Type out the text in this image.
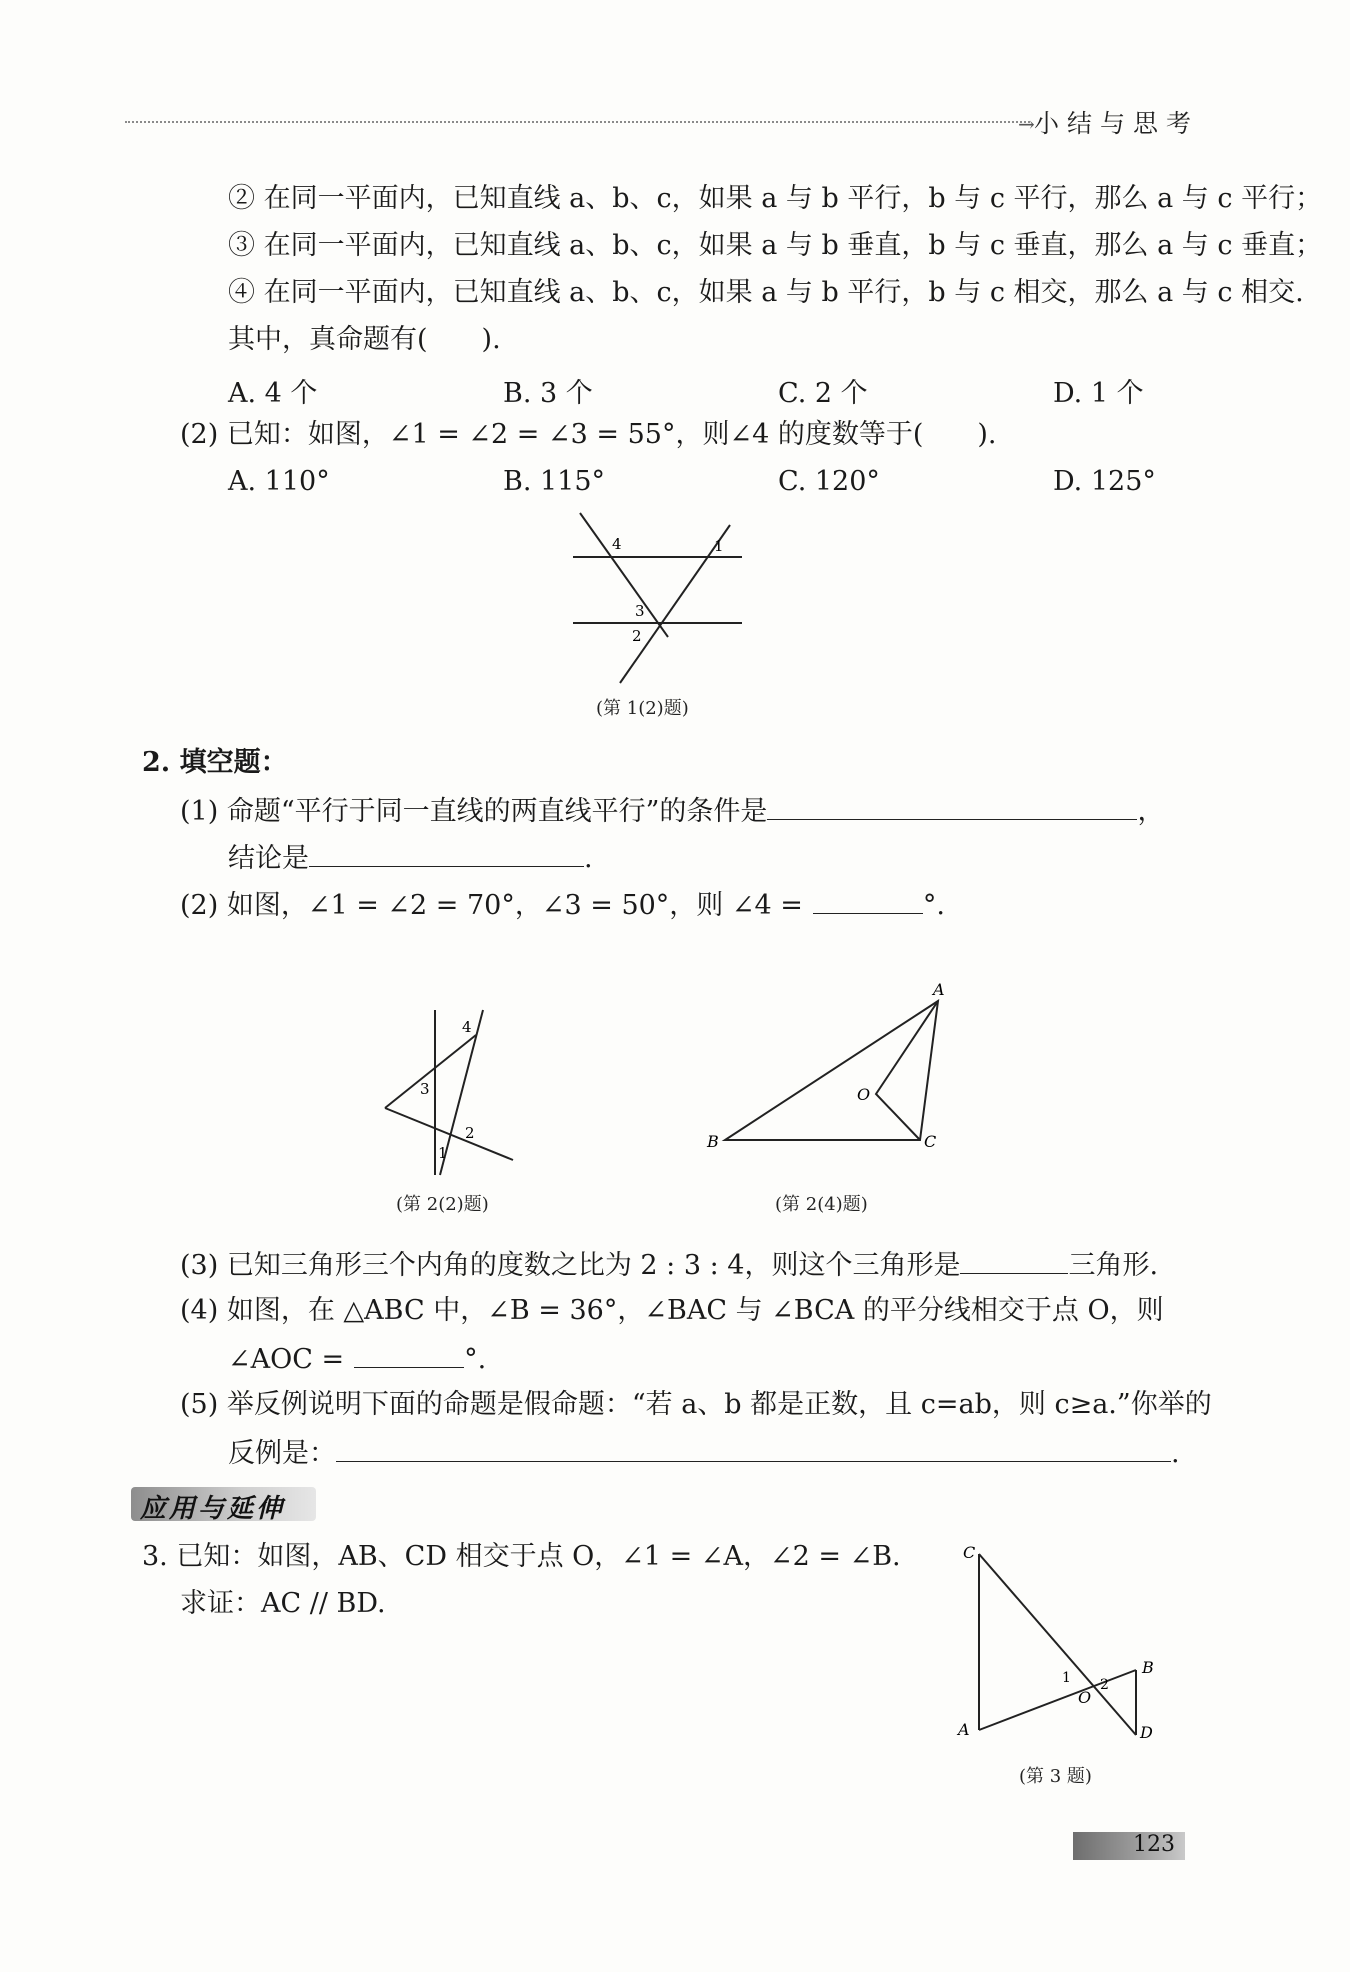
→ 小结与思考
② 在同一平面内，已知直线 a、b、c，如果 a 与 b 平行，b 与 c 平行，那么 a 与 c 平行；
③ 在同一平面内，已知直线 a、b、c，如果 a 与 b 垂直，b 与 c 垂直，那么 a 与 c 垂直；
④ 在同一平面内，已知直线 a、b、c，如果 a 与 b 平行，b 与 c 相交，那么 a 与 c 相交.
其中，真命题有(　　).
A. 4 个	B. 3 个	C. 2 个	D. 1 个
(2) 已知：如图，∠1 = ∠2 = ∠3 = 55°，则∠4 的度数等于(　　).
A. 110°	B. 115°	C. 120°	D. 125°
4	1
3
2
(第 1(2)题)
2. 填空题：
(1) 命题“平行于同一直线的两直线平行”的条件是	，
结论是	.
(2) 如图，∠1 = ∠2 = 70°，∠3 = 50°，则 ∠4 =	°.
4
3
2
1
(第 2(2)题)
A
O
B	C
(第 2(4)题)
(3) 已知三角形三个内角的度数之比为 2 : 3 : 4，则这个三角形是	三角形.
(4) 如图，在 △ABC 中，∠B = 36°，∠BAC 与 ∠BCA 的平分线相交于点 O，则
∠AOC =	°.
(5) 举反例说明下面的命题是假命题：“若 a、b 都是正数，且 c=ab，则 c≥a.”你举的
反例是：	.
应用与延伸
3. 已知：如图，AB、CD 相交于点 O，∠1 = ∠A，∠2 = ∠B.
求证：AC // BD.
C
B
1 2
O
A	D
(第 3 题)
123
